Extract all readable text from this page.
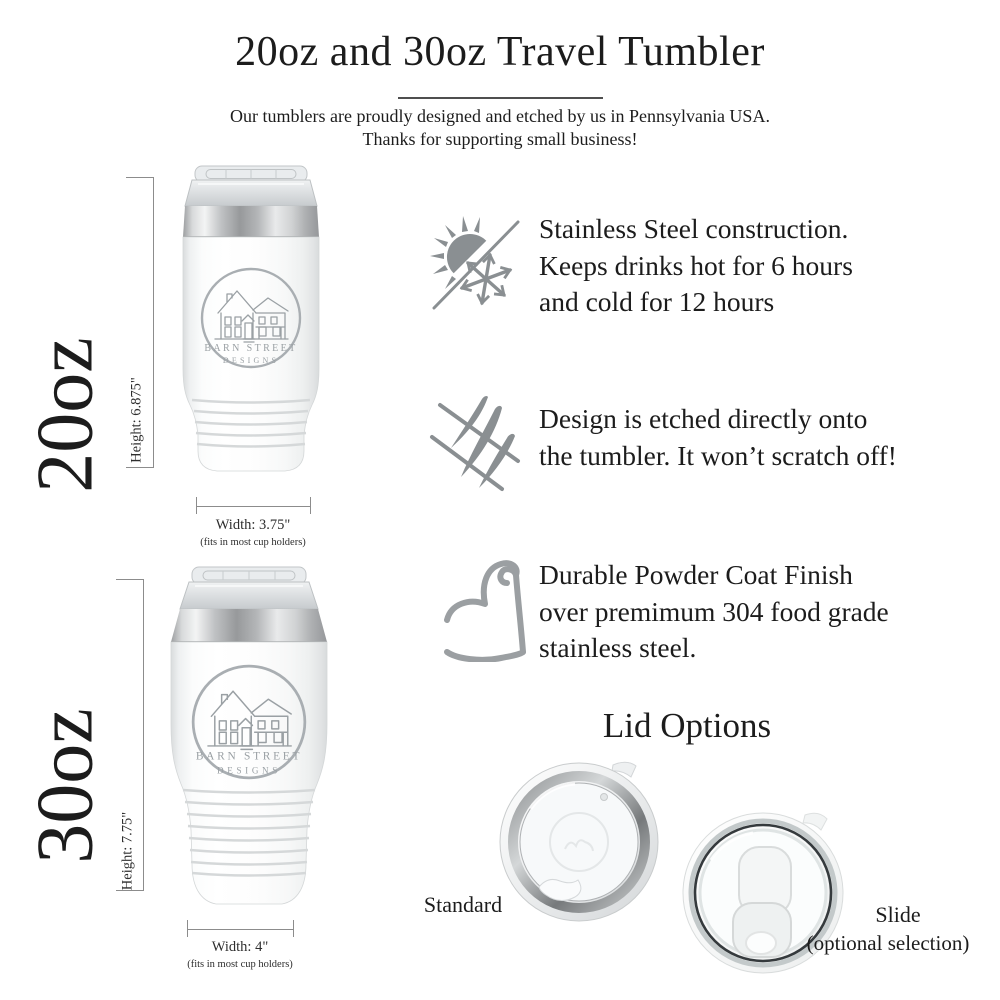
20oz and 30oz Travel Tumbler
Our tumblers are proudly designed and etched by us in Pennsylvania USA.
Thanks for supporting small business!
20oz Height: 6.875"
Width: 3.75"
(fits in most cup holders)
Stainless Steel construction.
Keeps drinks hot for 6 hours
and cold for 12 hours
Design is etched directly onto
the tumbler. It won’t scratch off!
Durable Powder Coat Finish
over premimum 304 food grade
stainless steel.
Lid Options
Standard	Slide
(optional selection)
30oz Height: 7.75"
Width: 4"
(fits in most cup holders)
